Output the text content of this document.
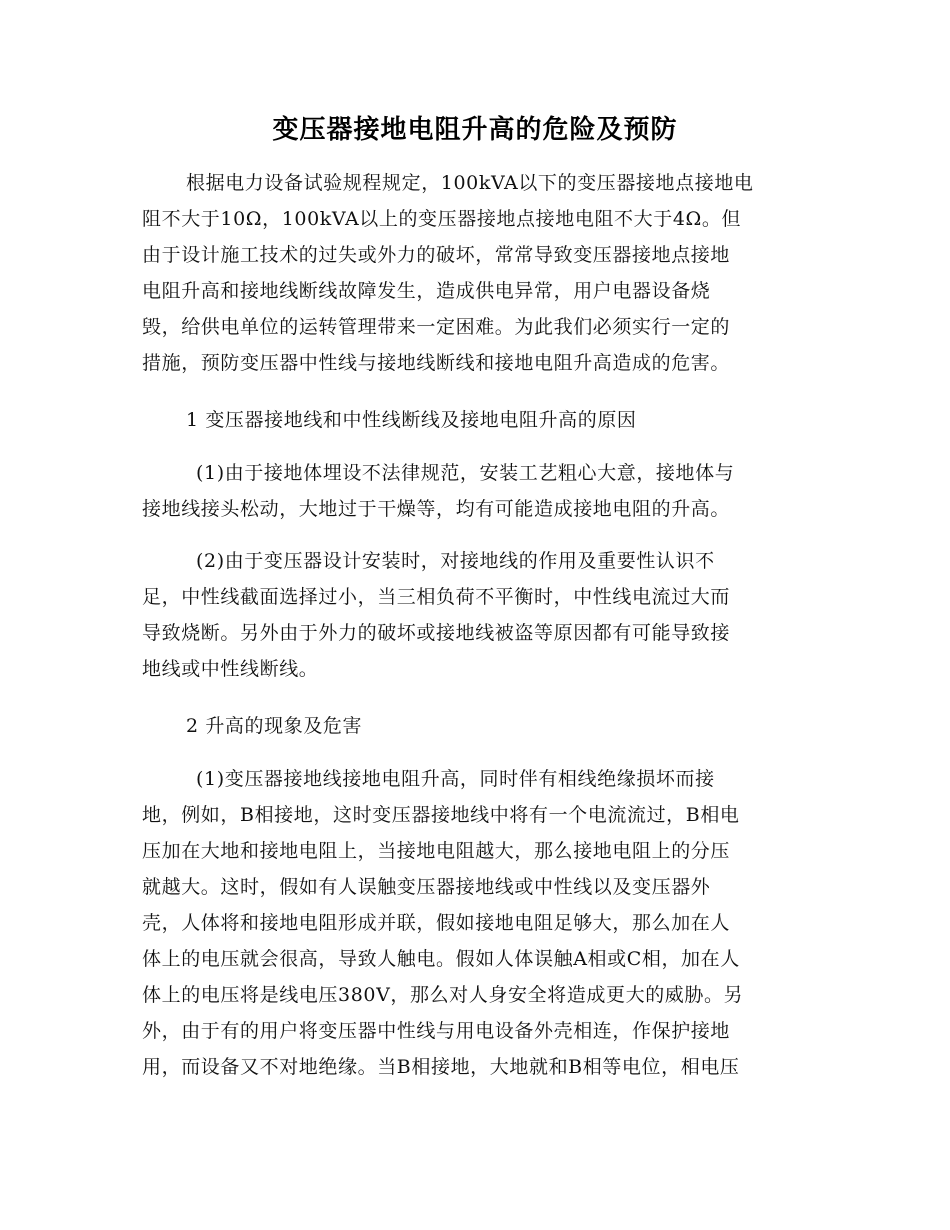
变压器接地电阻升高的危险及预防
根据电力设备试验规程规定，100kVA以下的变压器接地点接地电
阻不大于10Ω，100kVA以上的变压器接地点接地电阻不大于4Ω。但
由于设计施工技术的过失或外力的破坏，常常导致变压器接地点接地
电阻升高和接地线断线故障发生，造成供电异常，用户电器设备烧
毁，给供电单位的运转管理带来一定困难。为此我们必须实行一定的
措施，预防变压器中性线与接地线断线和接地电阻升高造成的危害。
1 变压器接地线和中性线断线及接地电阻升高的原因
(1)由于接地体埋设不法律规范，安装工艺粗心大意，接地体与
接地线接头松动，大地过于干燥等，均有可能造成接地电阻的升高。
(2)由于变压器设计安装时，对接地线的作用及重要性认识不
足，中性线截面选择过小，当三相负荷不平衡时，中性线电流过大而
导致烧断。另外由于外力的破坏或接地线被盗等原因都有可能导致接
地线或中性线断线。
2 升高的现象及危害
(1)变压器接地线接地电阻升高，同时伴有相线绝缘损坏而接
地，例如，B相接地，这时变压器接地线中将有一个电流流过，B相电
压加在大地和接地电阻上，当接地电阻越大，那么接地电阻上的分压
就越大。这时，假如有人误触变压器接地线或中性线以及变压器外
壳，人体将和接地电阻形成并联，假如接地电阻足够大，那么加在人
体上的电压就会很高，导致人触电。假如人体误触A相或C相，加在人
体上的电压将是线电压380V，那么对人身安全将造成更大的威胁。另
外，由于有的用户将变压器中性线与用电设备外壳相连，作保护接地
用，而设备又不对地绝缘。当B相接地，大地就和B相等电位，相电压
